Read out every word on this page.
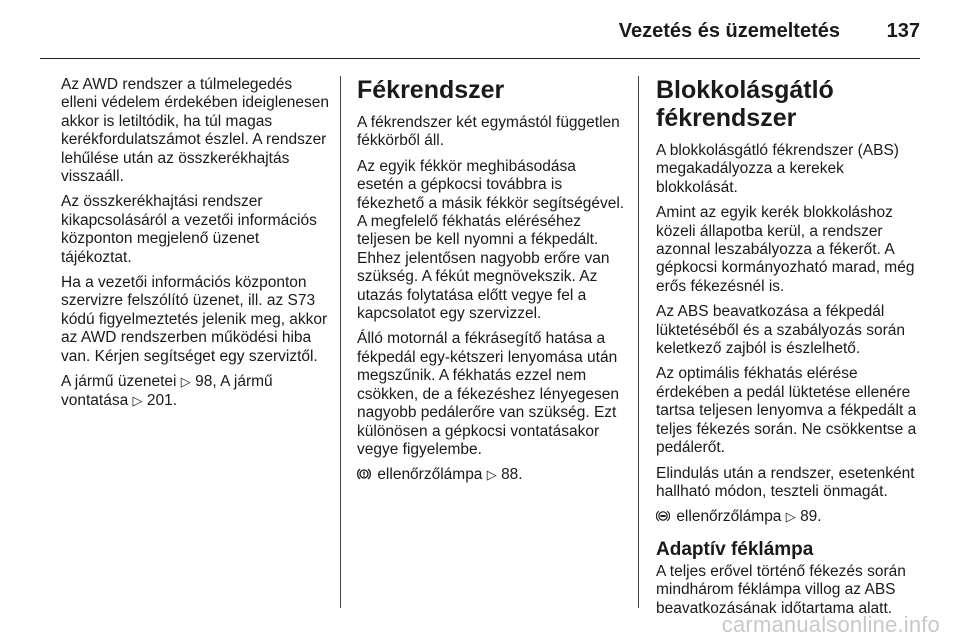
Vezetés és üzemeltetés 137

Az AWD rendszer a túlmelegedés elleni védelem érdekében ideiglenesen akkor is letiltódik, ha túl magas kerékfordulatszámot észlel. A rendszer lehűlése után az összkerékhajtás visszaáll.

Az összkerékhajtási rendszer kikapcsolásáról a vezetői információs központon megjelenő üzenet tájékoztat.

Ha a vezetői információs központon szervizre felszólító üzenet, ill. az S73 kódú figyelmeztetés jelenik meg, akkor az AWD rendszerben működési hiba van. Kérjen segítséget egy szerviztől.

A jármű üzenetei ▷ 98, A jármű vontatása ▷ 201.

Fékrendszer

A fékrendszer két egymástól független fékkörből áll.

Az egyik fékkör meghibásodása esetén a gépkocsi továbbra is fékezhető a másik fékkör segítségével. A megfelelő fékhatás eléréséhez teljesen be kell nyomni a fékpedált. Ehhez jelentősen nagyobb erőre van szükség. A fékút megnövekszik. Az utazás folytatása előtt vegye fel a kapcsolatot egy szervizzel.

Álló motornál a fékrásegítő hatása a fékpedál egy-kétszeri lenyomása után megszűnik. A fékhatás ezzel nem csökken, de a fékezéshez lényegesen nagyobb pedálerőre van szükség. Ezt különösen a gépkocsi vontatásakor vegye figyelembe.

ellenőrzőlámpa ▷ 88.

Blokkolásgátló fékrendszer

A blokkolásgátló fékrendszer (ABS) megakadályozza a kerekek blokkolását.

Amint az egyik kerék blokkoláshoz közeli állapotba kerül, a rendszer azonnal leszabályozza a fékerőt. A gépkocsi kormányozható marad, még erős fékezésnél is.

Az ABS beavatkozása a fékpedál lüktetéséből és a szabályozás során keletkező zajból is észlelhető.

Az optimális fékhatás elérése érdekében a pedál lüktetése ellenére tartsa teljesen lenyomva a fékpedált a teljes fékezés során. Ne csökkentse a pedálerőt.

Elindulás után a rendszer, esetenként hallható módon, teszteli önmagát.

ellenőrzőlámpa ▷ 89.

Adaptív féklámpa

A teljes erővel történő fékezés során mindhárom féklámpa villog az ABS beavatkozásának időtartama alatt.

carmanualsonline.info
